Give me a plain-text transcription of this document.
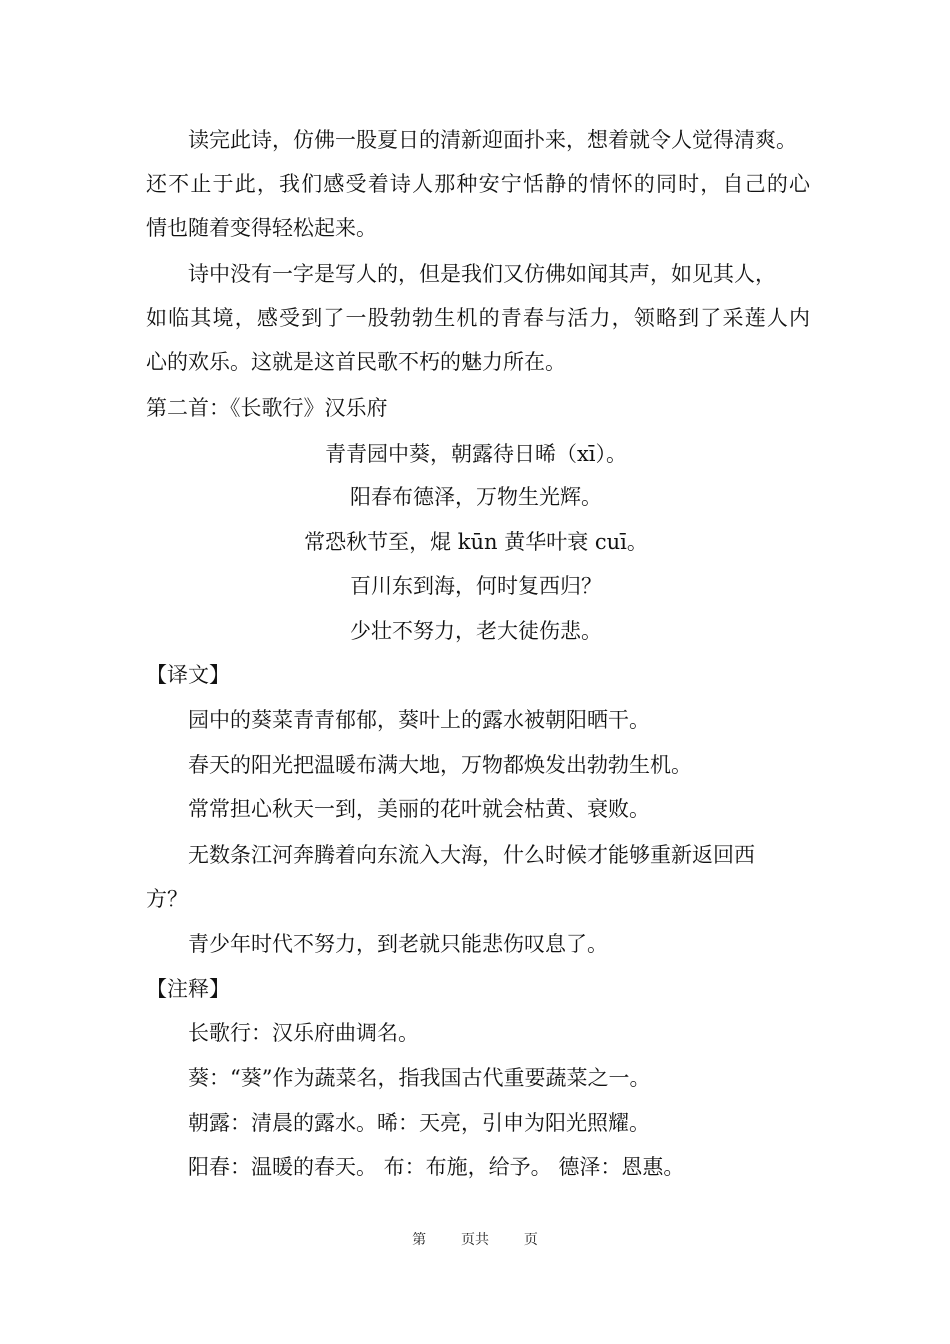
读完此诗，仿佛一股夏日的清新迎面扑来，想着就令人觉得清爽。
还不止于此，我们感受着诗人那种安宁恬静的情怀的同时，自己的心
情也随着变得轻松起来。
诗中没有一字是写人的，但是我们又仿佛如闻其声，如见其人，
如临其境，感受到了一股勃勃生机的青春与活力，领略到了采莲人内
心的欢乐。这就是这首民歌不朽的魅力所在。
第二首：《长歌行》汉乐府
青青园中葵，朝露待日晞（xī）。
阳春布德泽，万物生光辉。
常恐秋节至，焜 kūn 黄华叶衰 cuī。
百川东到海，何时复西归？
少壮不努力，老大徒伤悲。
【译文】
园中的葵菜青青郁郁，葵叶上的露水被朝阳晒干。
春天的阳光把温暖布满大地，万物都焕发出勃勃生机。
常常担心秋天一到，美丽的花叶就会枯黄、衰败。
无数条江河奔腾着向东流入大海，什么时候才能够重新返回西
方？
青少年时代不努力，到老就只能悲伤叹息了。
【注释】
长歌行：汉乐府曲调名。
葵：“葵”作为蔬菜名，指我国古代重要蔬菜之一。
朝露：清晨的露水。晞：天亮，引申为阳光照耀。
阳春：温暖的春天。 布：布施，给予。 德泽：恩惠。
第 页共 页
